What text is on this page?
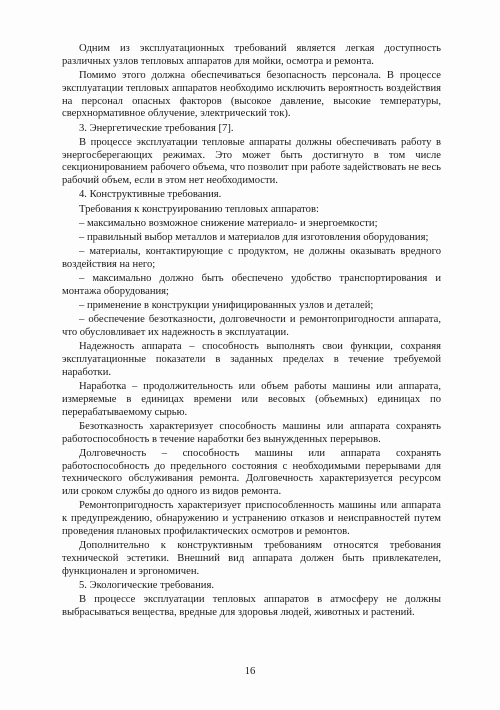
Одним из эксплуатационных требований является легкая доступность различных узлов тепловых аппаратов для мойки, осмотра и ремонта.

Помимо этого должна обеспечиваться безопасность персонала. В процессе эксплуатации тепловых аппаратов необходимо исключить вероятность воздействия на персонал опасных факторов (высокое давление, высокие температуры, сверхнормативное облучение, электрический ток).

3. Энергетические требования [7].

В процессе эксплуатации тепловые аппараты должны обеспечивать работу в энергосберегающих режимах. Это может быть достигнуто в том числе секционированием рабочего объема, что позволит при работе задействовать не весь рабочий объем, если в этом нет необходимости.

4. Конструктивные требования.

Требования к конструированию тепловых аппаратов:

– максимально возможное снижение материало- и энергоемкости;

– правильный выбор металлов и материалов для изготовления оборудования;

– материалы, контактирующие с продуктом, не должны оказывать вредного воздействия на него;

– максимально должно быть обеспечено удобство транспортирования и монтажа оборудования;

– применение в конструкции унифицированных узлов и деталей;

– обеспечение безотказности, долговечности и ремонтопригодности аппарата, что обусловливает их надежность в эксплуатации.

Надежность аппарата – способность выполнять свои функции, сохраняя эксплуатационные показатели в заданных пределах в течение требуемой наработки.

Наработка – продолжительность или объем работы машины или аппарата, измеряемые в единицах времени или весовых (объемных) единицах по перерабатываемому сырью.

Безотказность характеризует способность машины или аппарата сохранять работоспособность в течение наработки без вынужденных перерывов.

Долговечность – способность машины или аппарата сохранять работоспособность до предельного состояния с необходимыми перерывами для технического обслуживания ремонта. Долговечность характеризуется ресурсом или сроком службы до одного из видов ремонта.

Ремонтопригодность характеризует приспособленность машины или аппарата к предупреждению, обнаружению и устранению отказов и неисправностей путем проведения плановых профилактических осмотров и ремонтов.

Дополнительно к конструктивным требованиям относятся требования технической эстетики. Внешний вид аппарата должен быть привлекателен, функционален и эргономичен.

5. Экологические требования.

В процессе эксплуатации тепловых аппаратов в атмосферу не должны выбрасываться вещества, вредные для здоровья людей, животных и растений.

16
